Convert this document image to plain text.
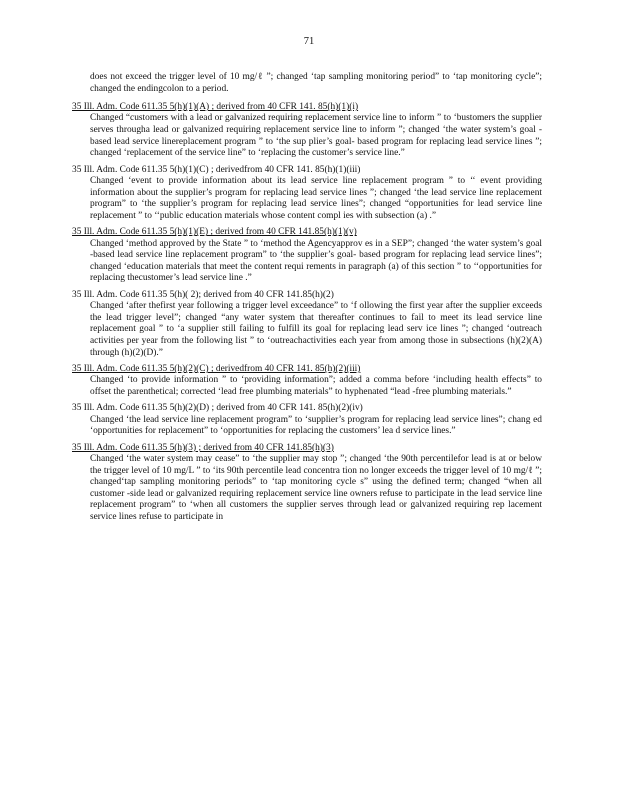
71
does not exceed the trigger level of 10 mg/ℓ ”; changed ‘tap sampling monitoring period” to ‘tap monitoring cycle”; changed the endingcolon to a period.
35 Ill. Adm. Code 611.35 5(h)(1)(A) ; derived from 40 CFR 141. 85(h)(1)(i)
Changed “customers with a lead or galvanized requiring replacement service line to inform ” to ‘bustomers the supplier serves througha lead or galvanized requiring replacement service line to inform ”; changed ‘the water system’s goal -based lead service linereplacement program ” to ‘the sup plier’s goal- based program for replacing lead service lines ”; changed ‘replacement of the service line” to ‘replacing the customer’s service line.”
35 Ill. Adm. Code 611.35 5(h)(1)(C) ; derivedfrom 40 CFR 141. 85(h)(1)(iii)
Changed ‘event to provide information about its lead service line replacement program ” to ‘‘ event providing information about the supplier’s program for replacing lead service lines ”; changed ‘the lead service line replacement program” to ‘the supplier’s program for replacing lead service lines”; changed “opportunities for lead service line replacement ” to ‘‘public education materials whose content compl ies with subsection (a) .”
35 Ill. Adm. Code 611.35 5(h)(1)(E) ; derived from 40 CFR 141.85(h)(1)(v)
Changed ‘method approved by the State ” to ‘method the Agencyapprov es in a SEP”; changed ‘the water system’s goal -based lead service line replacement program” to ‘the supplier’s goal- based program for replacing lead service lines”; changed ‘education materials that meet the content requi rements in paragraph (a) of this section ” to ‘‘opportunities for replacing thecustomer’s lead service line .”
35 Ill. Adm. Code 611.35 5(h)( 2); derived from 40 CFR 141.85(h)(2)
Changed ‘after thefirst year following a trigger level exceedance” to ‘f ollowing the first year after the supplier exceeds the lead trigger level”; changed “any water system that thereafter continues to fail to meet its lead service line replacement goal ” to ‘a supplier still failing to fulfill its goal for replacing lead serv ice lines ”; changed ‘outreach activities per year from the following list ” to ‘outreachactivities each year from among those in subsections (h)(2)(A) through (h)(2)(D).”
35 Ill. Adm. Code 611.35 5(h)(2)(C) ; derivedfrom 40 CFR 141. 85(h)(2)(iii)
Changed ‘to provide information ” to ‘providing information”; added a comma before ‘including health effects” to offset the parenthetical; corrected ‘lead free plumbing materials” to hyphenated “lead -free plumbing materials.”
35 Ill. Adm. Code 611.35 5(h)(2)(D) ; derived from 40 CFR 141. 85(h)(2)(iv)
Changed ‘the lead service line replacement program” to ‘supplier’s program for replacing lead service lines”; chang ed ‘opportunities for replacement” to ‘opportunities for replacing the customers’ lea d service lines.”
35 Ill. Adm. Code 611.35 5(h)(3) ; derived from 40 CFR 141.85(h)(3)
Changed ‘the water system may cease” to ‘the supplier may stop ”; changed ‘the 90th percentilefor lead is at or below the trigger level of 10 mg/L ” to ‘its 90th percentile lead concentra tion no longer exceeds the trigger level of 10 mg/ℓ ”; changed‘tap sampling monitoring periods” to ‘tap monitoring cycle s” using the defined term; changed “when all customer -side lead or galvanized requiring replacement service line owners refuse to participate in the lead service line replacement program” to ‘when all customers the supplier serves through lead or galvanized requiring rep lacement service lines refuse to participate in
